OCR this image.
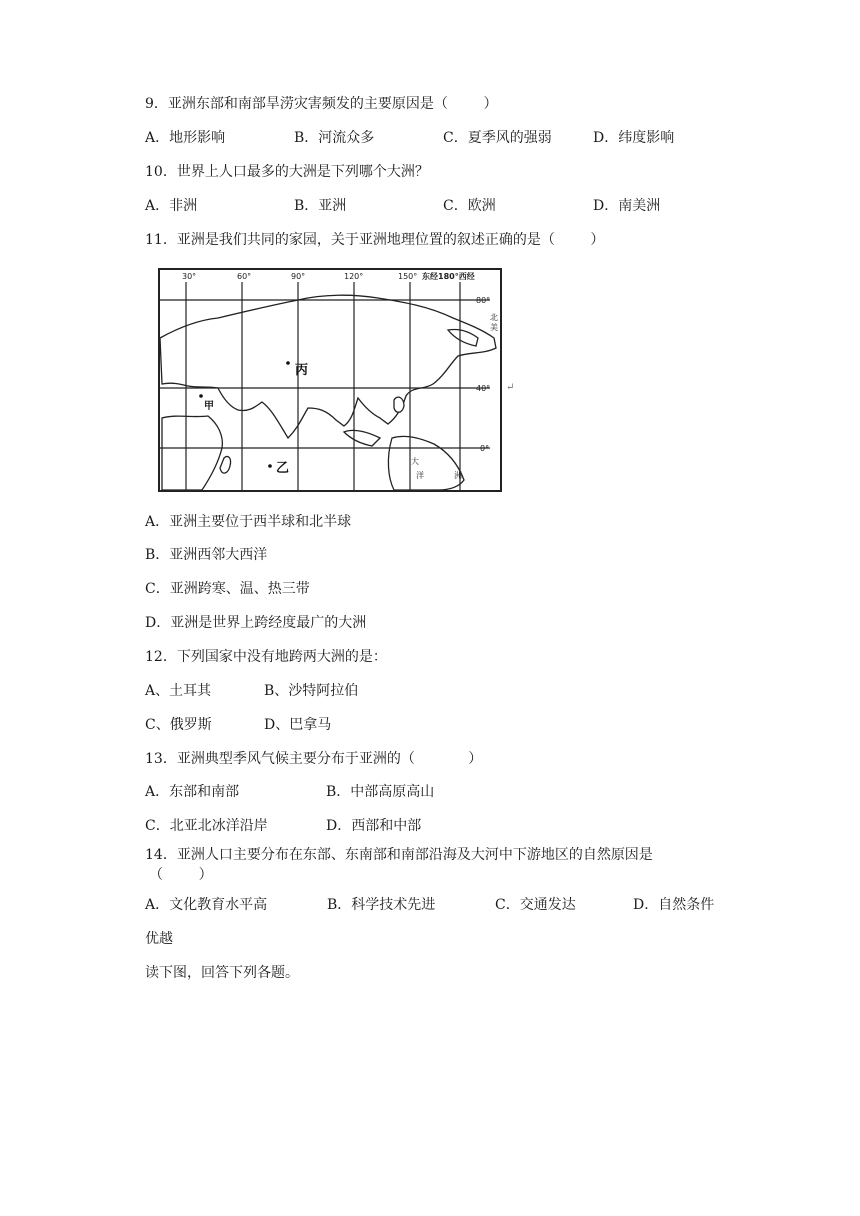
9．亚洲东部和南部旱涝灾害频发的主要原因是（        ）
A．地形影响	B．河流众多	C．夏季风的强弱	D．纬度影响
10．世界上人口最多的大洲是下列哪个大洲？
A．非洲	B．亚洲	C．欧洲	D．南美洲
11．亚洲是我们共同的家园，关于亚洲地理位置的叙述正确的是（        ）
30°	60°	90°	120°	150° 东经180°西经
80°
40°
0°
北
美
丙
甲
乙	大
洋	洲
↵
A．亚洲主要位于西半球和北半球
B．亚洲西邻大西洋
C．亚洲跨寒、温、热三带
D．亚洲是世界上跨经度最广的大洲
12．下列国家中没有地跨两大洲的是：
A、土耳其	B、沙特阿拉伯
C、俄罗斯	D、巴拿马
13．亚洲典型季风气候主要分布于亚洲的（            ）
A．东部和南部	B．中部高原高山
C．北亚北冰洋沿岸	D．西部和中部
14．亚洲人口主要分布在东部、东南部和南部沿海及大河中下游地区的自然原因是
（        ）
A．文化教育水平高	B．科学技术先进	C．交通发达	D．自然条件
优越
读下图，回答下列各题。
